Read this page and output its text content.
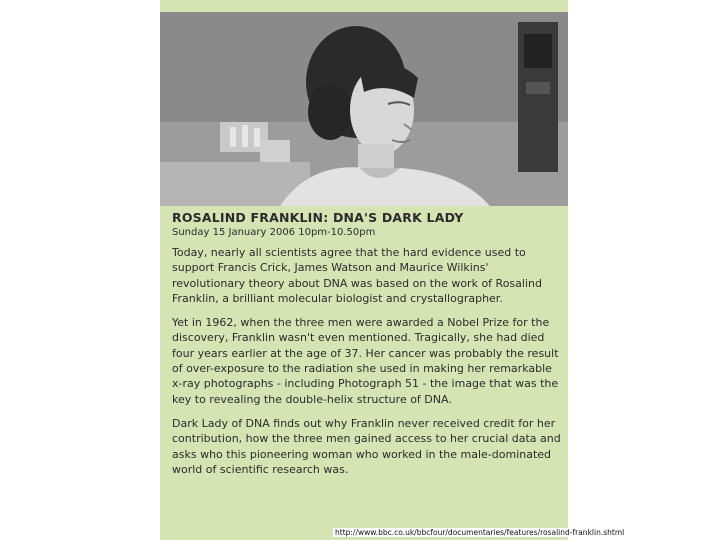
ROSALIND FRANKLIN: DNA'S DARK LADY
Sunday 15 January 2006 10pm-10.50pm

Today, nearly all scientists agree that the hard evidence used to support Francis Crick, James Watson and Maurice Wilkins' revolutionary theory about DNA was based on the work of Rosalind Franklin, a brilliant molecular biologist and crystallographer.

Yet in 1962, when the three men were awarded a Nobel Prize for the discovery, Franklin wasn't even mentioned. Tragically, she had died four years earlier at the age of 37. Her cancer was probably the result of over-exposure to the radiation she used in making her remarkable x-ray photographs - including Photograph 51 - the image that was the key to revealing the double-helix structure of DNA.

Dark Lady of DNA finds out why Franklin never received credit for her contribution, how the three men gained access to her crucial data and asks who this pioneering woman who worked in the male-dominated world of scientific research was.

http://www.bbc.co.uk/bbcfour/documentaries/features/rosalind-franklin.shtml
